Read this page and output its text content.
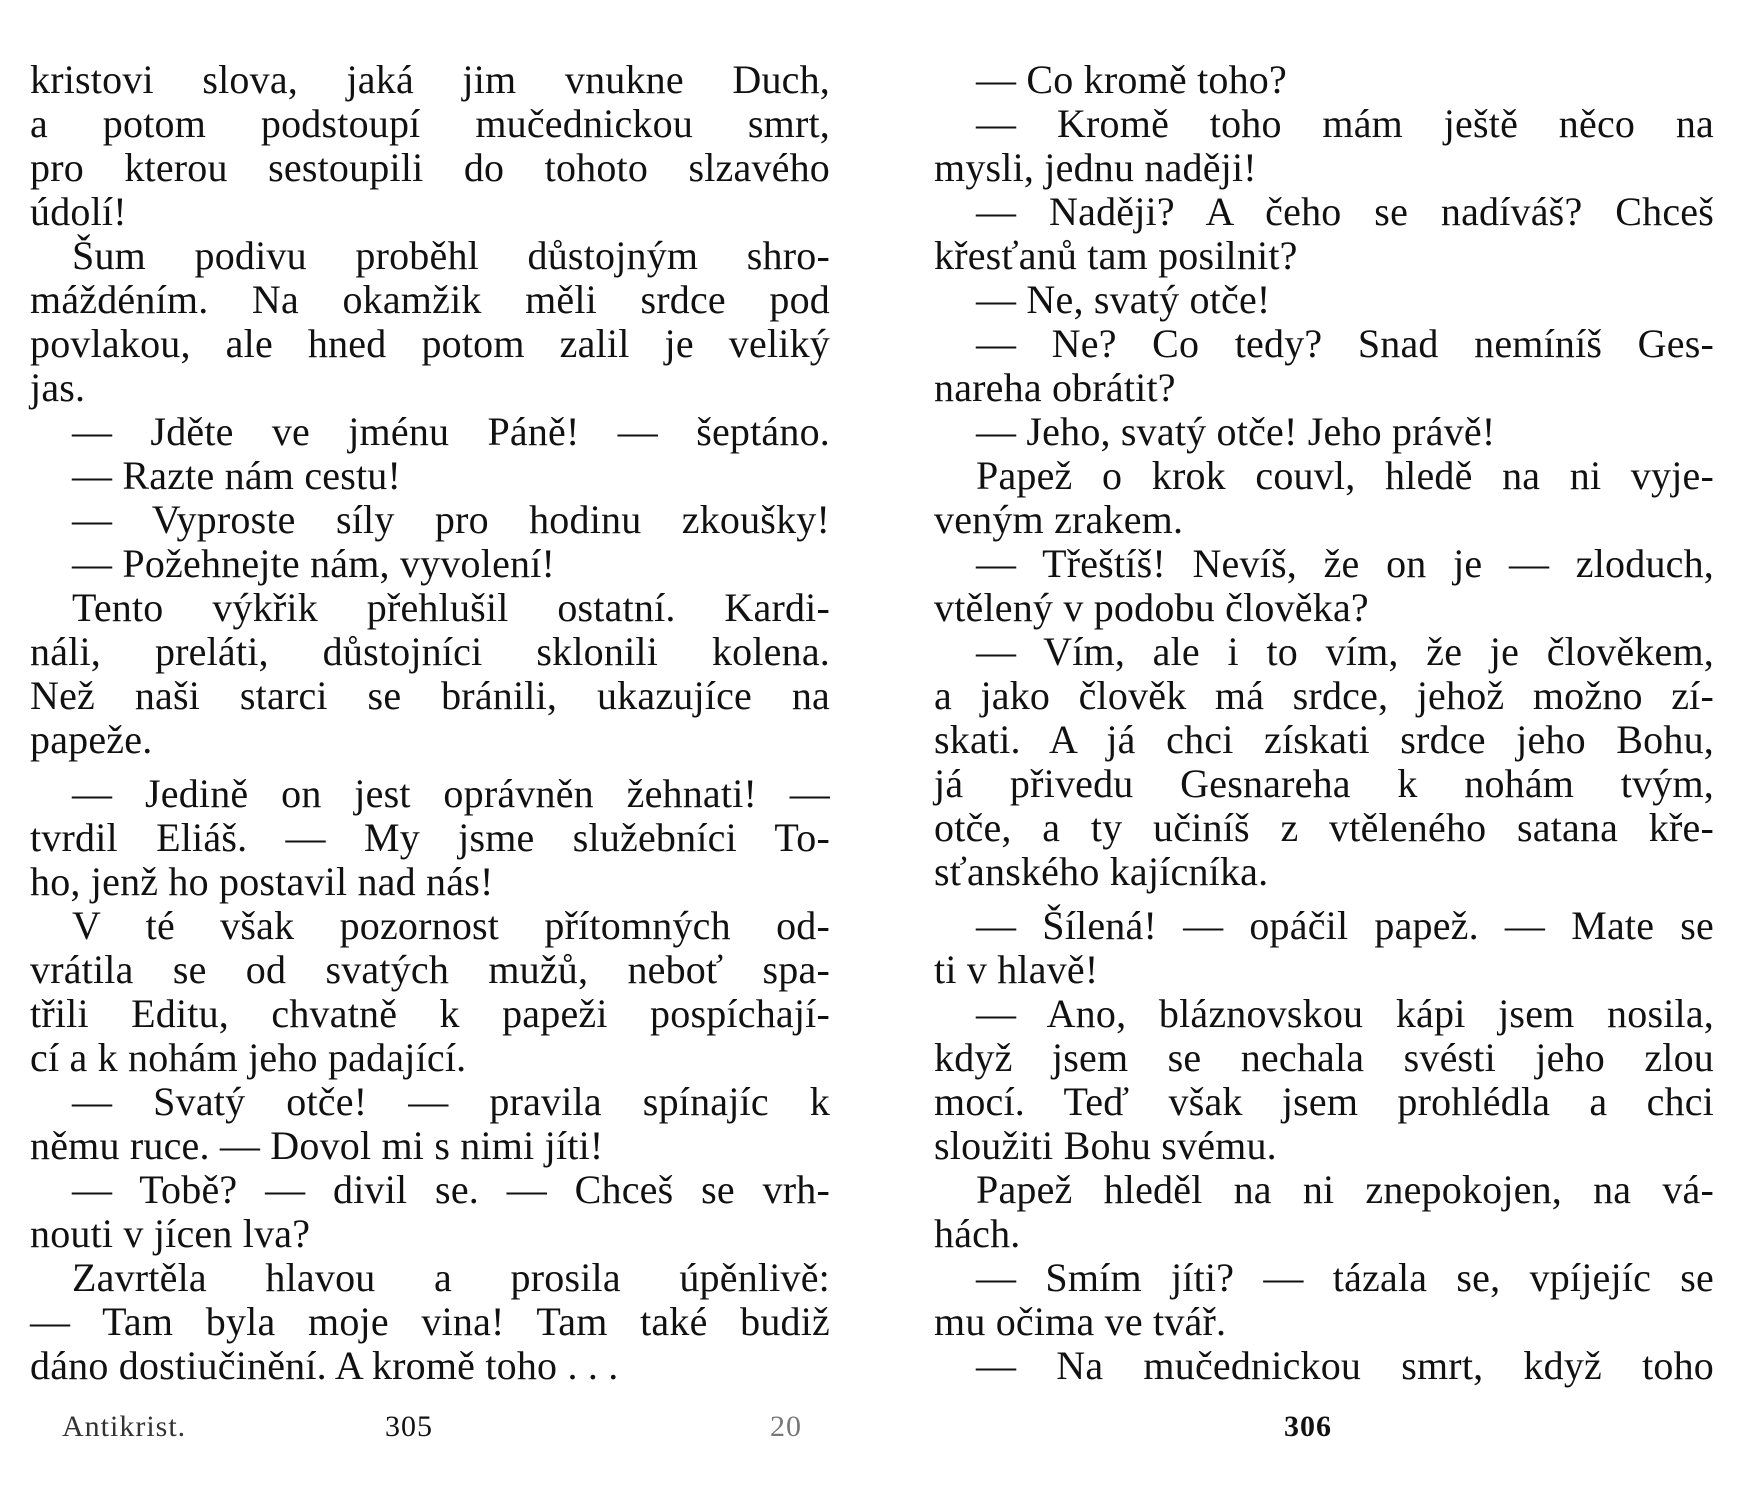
kristovi slova, jaká jim vnukne Duch,
a potom podstoupí mučednickou smrt,
pro kterou sestoupili do tohoto slzavého
údolí!
Šum podivu proběhl důstojným shro-
máždéním. Na okamžik měli srdce pod
povlakou, ale hned potom zalil je veliký
jas.
— Jděte ve jménu Páně! — šeptáno.
— Razte nám cestu!
— Vyproste síly pro hodinu zkoušky!
— Požehnejte nám, vyvolení!
Tento výkřik přehlušil ostatní. Kardi-
náli, preláti, důstojníci sklonili kolena.
Než naši starci se bránili, ukazujíce na
papeže.
— Jedině on jest oprávněn žehnati! —
tvrdil Eliáš. — My jsme služebníci To-
ho, jenž ho postavil nad nás!
V té však pozornost přítomných od-
vrátila se od svatých mužů, neboť spa-
třili Editu, chvatně k papeži pospíchají-
cí a k nohám jeho padající.
— Svatý otče! — pravila spínajíc k
němu ruce. — Dovol mi s nimi jíti!
— Tobě? — divil se. — Chceš se vrh-
nouti v jícen lva?
Zavrtěla hlavou a prosila úpěnlivě:
— Tam byla moje vina! Tam také budiž
dáno dostiučinění. A kromě toho . . .
— Co kromě toho?
— Kromě toho mám ještě něco na
mysli, jednu naději!
— Naději? A čeho se nadíváš? Chceš
křesťanů tam posilnit?
— Ne, svatý otče!
— Ne? Co tedy? Snad nemíníš Ges-
nareha obrátit?
— Jeho, svatý otče! Jeho právě!
Papež o krok couvl, hledě na ni vyje-
veným zrakem.
— Třeštíš! Nevíš, že on je — zloduch,
vtělený v podobu člověka?
— Vím, ale i to vím, že je člověkem,
a jako člověk má srdce, jehož možno zí-
skati. A já chci získati srdce jeho Bohu,
já přivedu Gesnareha k nohám tvým,
otče, a ty učiníš z vtěleného satana kře-
sťanského kajícníka.
— Šílená! — opáčil papež. — Mate se
ti v hlavě!
— Ano, bláznovskou kápi jsem nosila,
když jsem se nechala svésti jeho zlou
mocí. Teď však jsem prohlédla a chci
sloužiti Bohu svému.
Papež hleděl na ni znepokojen, na vá-
hách.
— Smím jíti? — tázala se, vpíjejíc se
mu očima ve tvář.
— Na mučednickou smrt, když toho
Antikrist.	305	20	306
